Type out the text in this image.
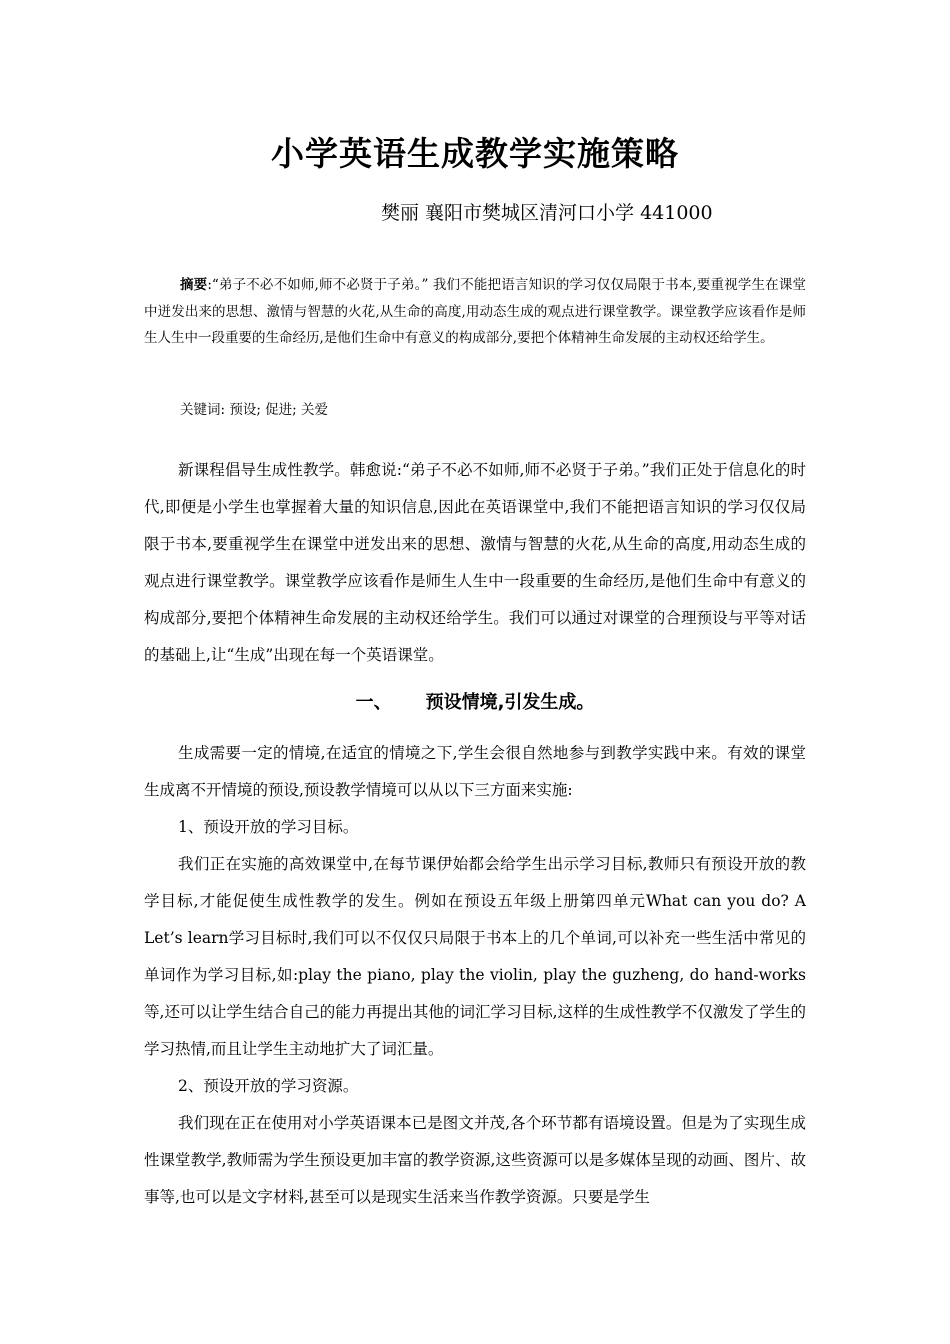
小学英语生成教学实施策略
樊丽 襄阳市樊城区清河口小学 441000

摘要:“弟子不必不如师,师不必贤于子弟。” 我们不能把语言知识的学习仅仅局限于书本,要重视学生在课堂中迸发出来的思想、激情与智慧的火花,从生命的高度,用动态生成的观点进行课堂教学。课堂教学应该看作是师生人生中一段重要的生命经历,是他们生命中有意义的构成部分,要把个体精神生命发展的主动权还给学生。

关键词: 预设; 促进; 关爱

新课程倡导生成性教学。韩愈说:“弟子不必不如师,师不必贤于子弟。”我们正处于信息化的时代,即便是小学生也掌握着大量的知识信息,因此在英语课堂中,我们不能把语言知识的学习仅仅局限于书本,要重视学生在课堂中迸发出来的思想、激情与智慧的火花,从生命的高度,用动态生成的观点进行课堂教学。课堂教学应该看作是师生人生中一段重要的生命经历,是他们生命中有意义的构成部分,要把个体精神生命发展的主动权还给学生。我们可以通过对课堂的合理预设与平等对话的基础上,让“生成”出现在每一个英语课堂。

一、 预设情境,引发生成。

生成需要一定的情境,在适宜的情境之下,学生会很自然地参与到教学实践中来。有效的课堂生成离不开情境的预设,预设教学情境可以从以下三方面来实施:

1、预设开放的学习目标。

我们正在实施的高效课堂中,在每节课伊始都会给学生出示学习目标,教师只有预设开放的教学目标,才能促使生成性教学的发生。例如在预设五年级上册第四单元What can you do? A Let’s learn学习目标时,我们可以不仅仅只局限于书本上的几个单词,可以补充一些生活中常见的单词作为学习目标,如:play the piano, play the violin, play the guzheng, do hand-works等,还可以让学生结合自己的能力再提出其他的词汇学习目标,这样的生成性教学不仅激发了学生的学习热情,而且让学生主动地扩大了词汇量。

2、预设开放的学习资源。

我们现在正在使用对小学英语课本已是图文并茂,各个环节都有语境设置。但是为了实现生成性课堂教学,教师需为学生预设更加丰富的教学资源,这些资源可以是多媒体呈现的动画、图片、故事等,也可以是文字材料,甚至可以是现实生活来当作教学资源。只要是学生
